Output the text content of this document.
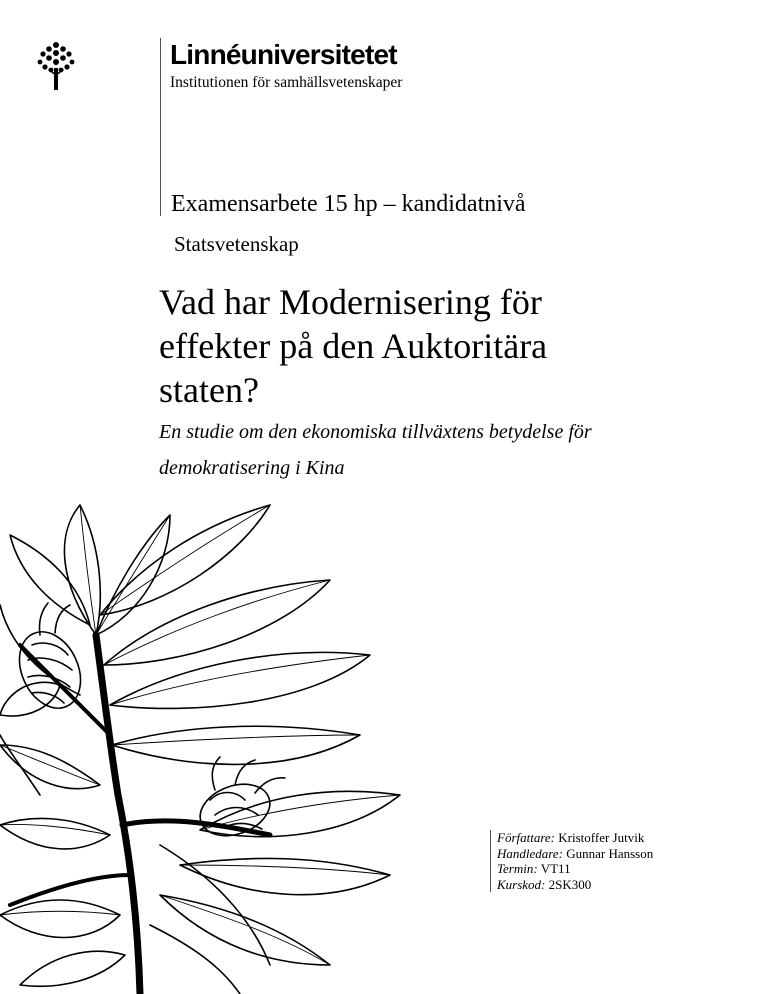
Linnéuniversitetet
Institutionen för samhällsvetenskaper
Examensarbete 15 hp – kandidatnivå
Statsvetenskap
Vad har Modernisering för
effekter på den Auktoritära
staten?
En studie om den ekonomiska tillväxtens betydelse för
demokratisering i Kina
Författare: Kristoffer Jutvik
Handledare: Gunnar Hansson
Termin: VT11
Kurskod: 2SK300
